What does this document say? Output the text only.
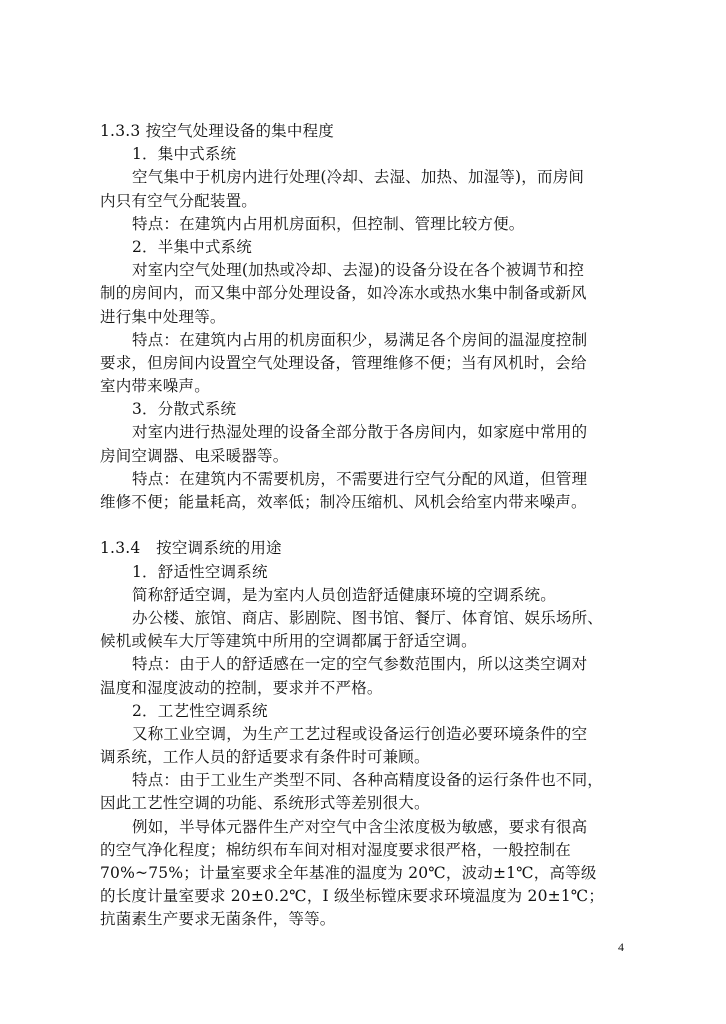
1.3.3 按空气处理设备的集中程度
1．集中式系统
空气集中于机房内进行处理(冷却、去湿、加热、加湿等)，而房间
内只有空气分配装置。
特点：在建筑内占用机房面积，但控制、管理比较方便。
2．半集中式系统
对室内空气处理(加热或冷却、去湿)的设备分设在各个被调节和控
制的房间内，而又集中部分处理设备，如冷冻水或热水集中制备或新风
进行集中处理等。
特点：在建筑内占用的机房面积少，易满足各个房间的温湿度控制
要求，但房间内设置空气处理设备，管理维修不便；当有风机时，会给
室内带来噪声。
3．分散式系统
对室内进行热湿处理的设备全部分散于各房间内，如家庭中常用的
房间空调器、电采暖器等。
特点：在建筑内不需要机房，不需要进行空气分配的风道，但管理
维修不便；能量耗高，效率低；制冷压缩机、风机会给室内带来噪声。
1.3.4　按空调系统的用途
1．舒适性空调系统
简称舒适空调，是为室内人员创造舒适健康环境的空调系统。
办公楼、旅馆、商店、影剧院、图书馆、餐厅、体育馆、娱乐场所、
候机或候车大厅等建筑中所用的空调都属于舒适空调。
特点：由于人的舒适感在一定的空气参数范围内，所以这类空调对
温度和湿度波动的控制，要求并不严格。
2．工艺性空调系统
又称工业空调，为生产工艺过程或设备运行创造必要环境条件的空
调系统，工作人员的舒适要求有条件时可兼顾。
特点：由于工业生产类型不同、各种高精度设备的运行条件也不同，
因此工艺性空调的功能、系统形式等差别很大。
例如，半导体元器件生产对空气中含尘浓度极为敏感，要求有很高
的空气净化程度；棉纺织布车间对相对湿度要求很严格，一般控制在
70%~75%；计量室要求全年基准的温度为 20℃，波动±1℃，高等级
的长度计量室要求 20±0.2℃，I 级坐标镗床要求环境温度为 20±1℃；
抗菌素生产要求无菌条件，等等。
4
